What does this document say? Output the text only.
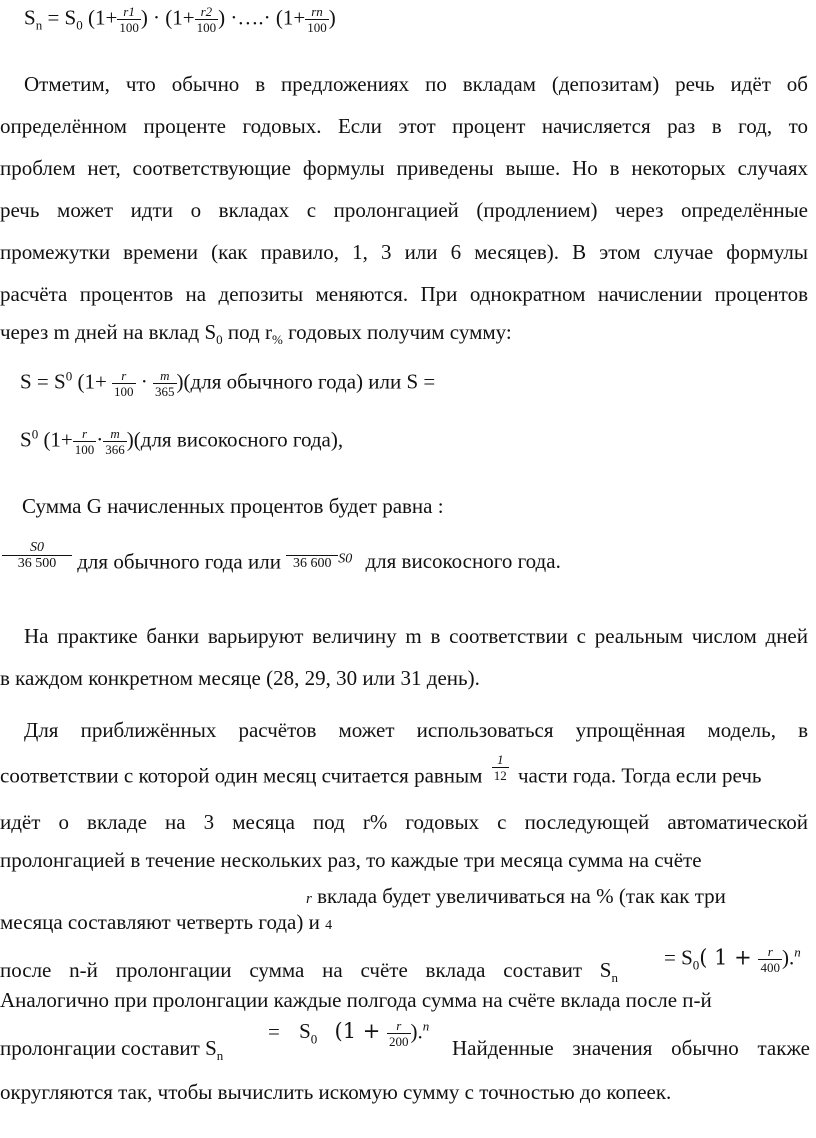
$S_n = S_0$ ($1+ \frac{r1}{100}$ ) · ($1+ \frac{r2}{100}$ ) ·….· ($1+ \frac{rn}{100}$ )
Отметим, что обычно в предложениях по вкладам (депозитам) речь идёт об
определённом проценте годовых. Если этот процент начисляется раз в год, то
проблем нет, соответствующие формулы приведены выше. Но в некоторых случаях
речь может идти о вкладах с пролонгацией (продлением) через определённые
промежутки времени (как правило, 1, 3 или 6 месяцев). В этом случае формулы
расчёта процентов на депозиты меняются. При однократном начислении процентов
через m дней на вклад $S_0$ под $r_{\%}$ годовых получим сумму:
$S = S^0$ $(1+ \frac{r}{100} \cdot \frac{m}{365} )(для$ обычного года) или S =
$S^0$ $(1+ \frac{r}{100} \cdot \frac{m}{366} )(для$ високосного года),
Сумма G начисленных процентов будет равна :
$\frac{S0}{36 500}$ для обычного года или
36 600 $^{S0}$ для високосного года.
На практике банки варьируют величину m в соответствии с реальным числом дней
в каждом конкретном месяце (28, 29, 30 или 31 день).
Для приближённых расчётов может использоваться упрощённая модель, в
соответствии с которой один месяц считается равным $\frac{1}{12}$ части года. Тогда если речь
идёт о вкладе на 3 месяца под r% годовых с последующей автоматической
пролонгацией в течение нескольких раз, то каждые три месяца сумма на счёте
r вклада будет увеличиваться на % (так как три
месяца составляют четверть года) и 4
после n-й пролонгации сумма на счёте вклада составит $S_n$
= $S_0$( $1 + \frac{r}{400} ).^n$
Аналогично при пролонгации каждые полгода сумма на счёте вклада после п-й
пролонгации составит $S_n$
= $S_0$ $(1 + \frac{r}{200} ).^n$
Найденные значения обычно также
округляются так, чтобы вычислить искомую сумму с точностью до копеек.
